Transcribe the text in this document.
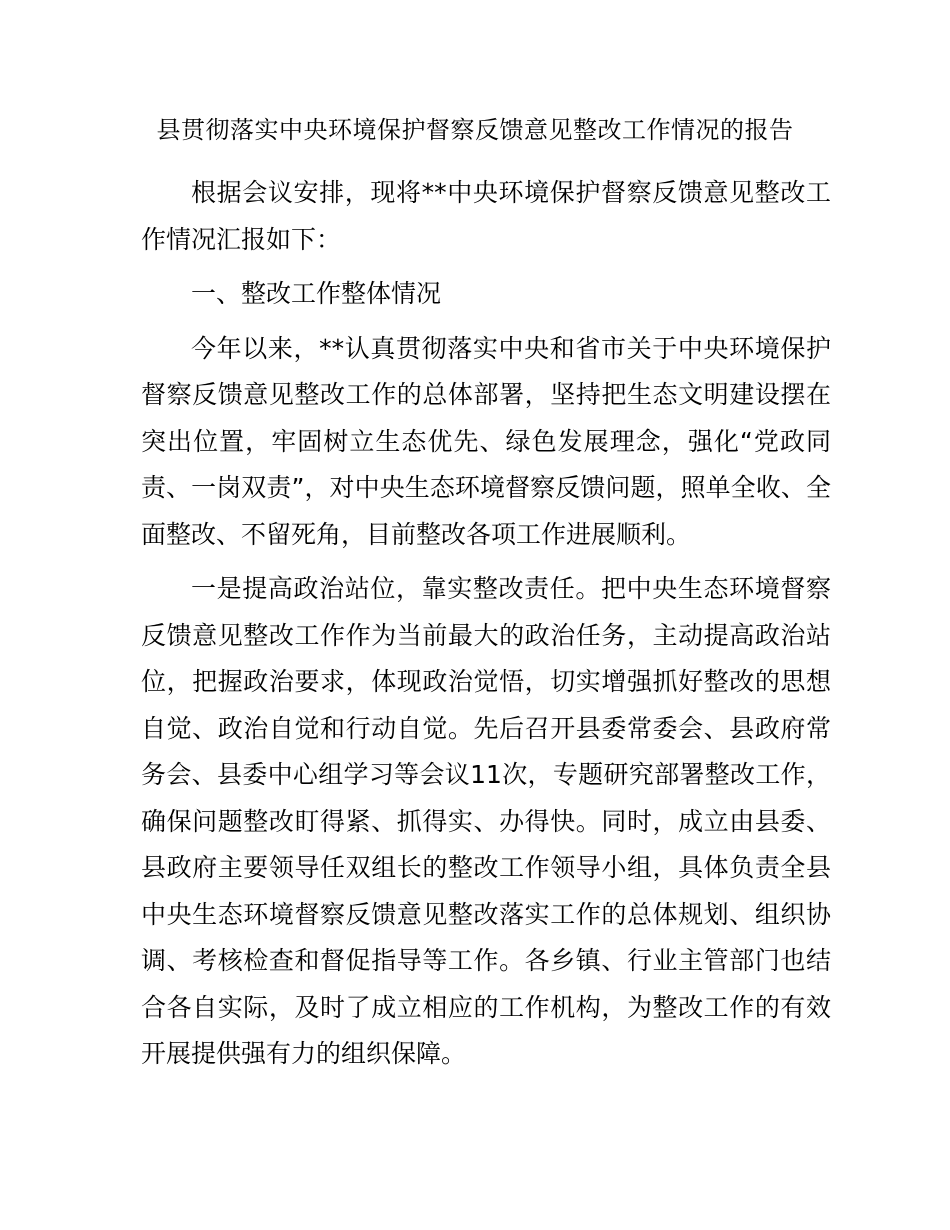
县贯彻落实中央环境保护督察反馈意见整改工作情况的报告

根据会议安排，现将**中央环境保护督察反馈意见整改工作情况汇报如下：

一、整改工作整体情况

今年以来，**认真贯彻落实中央和省市关于中央环境保护督察反馈意见整改工作的总体部署，坚持把生态文明建设摆在突出位置，牢固树立生态优先、绿色发展理念，强化“党政同责、一岗双责”，对中央生态环境督察反馈问题，照单全收、全面整改、不留死角，目前整改各项工作进展顺利。

一是提高政治站位，靠实整改责任。把中央生态环境督察反馈意见整改工作作为当前最大的政治任务，主动提高政治站位，把握政治要求，体现政治觉悟，切实增强抓好整改的思想自觉、政治自觉和行动自觉。先后召开县委常委会、县政府常务会、县委中心组学习等会议11次，专题研究部署整改工作，确保问题整改盯得紧、抓得实、办得快。同时，成立由县委、县政府主要领导任双组长的整改工作领导小组，具体负责全县中央生态环境督察反馈意见整改落实工作的总体规划、组织协调、考核检查和督促指导等工作。各乡镇、行业主管部门也结合各自实际，及时了成立相应的工作机构，为整改工作的有效开展提供强有力的组织保障。
